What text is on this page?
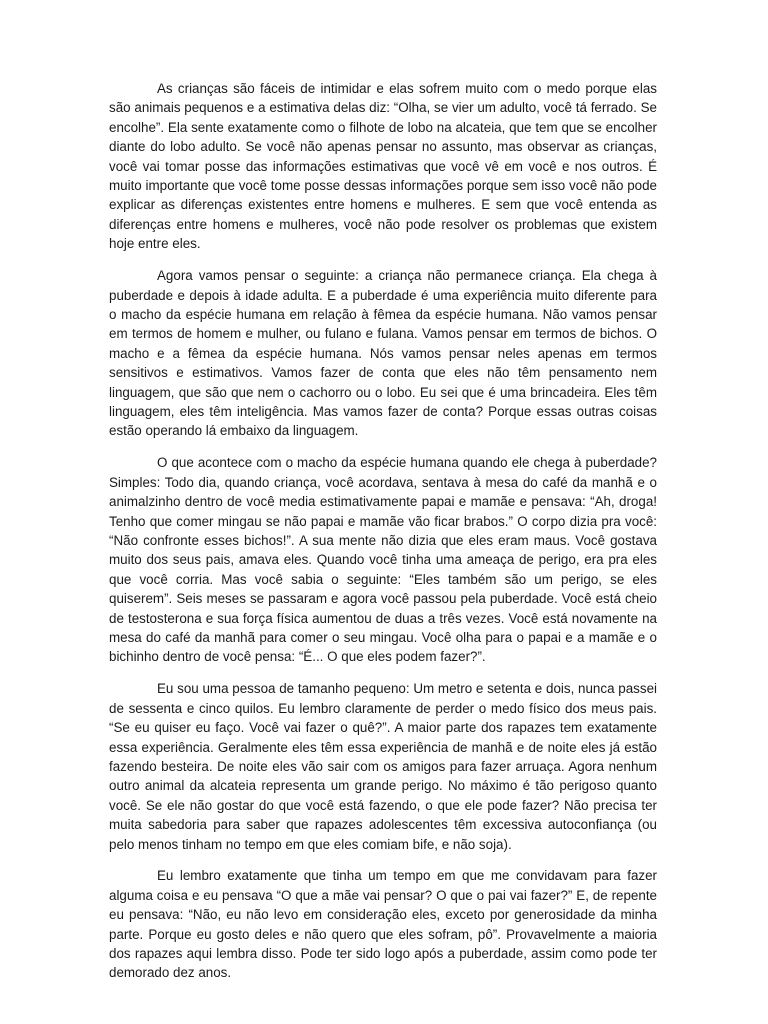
As crianças são fáceis de intimidar e elas sofrem muito com o medo porque elas são animais pequenos e a estimativa delas diz: “Olha, se vier um adulto, você tá ferrado. Se encolhe”. Ela sente exatamente como o filhote de lobo na alcateia, que tem que se encolher diante do lobo adulto. Se você não apenas pensar no assunto, mas observar as crianças, você vai tomar posse das informações estimativas que você vê em você e nos outros. É muito importante que você tome posse dessas informações porque sem isso você não pode explicar as diferenças existentes entre homens e mulheres. E sem que você entenda as diferenças entre homens e mulheres, você não pode resolver os problemas que existem hoje entre eles.

Agora vamos pensar o seguinte: a criança não permanece criança. Ela chega à puberdade e depois à idade adulta. E a puberdade é uma experiência muito diferente para o macho da espécie humana em relação à fêmea da espécie humana. Não vamos pensar em termos de homem e mulher, ou fulano e fulana. Vamos pensar em termos de bichos. O macho e a fêmea da espécie humana. Nós vamos pensar neles apenas em termos sensitivos e estimativos. Vamos fazer de conta que eles não têm pensamento nem linguagem, que são que nem o cachorro ou o lobo. Eu sei que é uma brincadeira. Eles têm linguagem, eles têm inteligência. Mas vamos fazer de conta? Porque essas outras coisas estão operando lá embaixo da linguagem.

O que acontece com o macho da espécie humana quando ele chega à puberdade? Simples: Todo dia, quando criança, você acordava, sentava à mesa do café da manhã e o animalzinho dentro de você media estimativamente papai e mamãe e pensava: “Ah, droga! Tenho que comer mingau se não papai e mamãe vão ficar brabos.” O corpo dizia pra você: “Não confronte esses bichos!”. A sua mente não dizia que eles eram maus. Você gostava muito dos seus pais, amava eles. Quando você tinha uma ameaça de perigo, era pra eles que você corria. Mas você sabia o seguinte: “Eles também são um perigo, se eles quiserem”. Seis meses se passaram e agora você passou pela puberdade. Você está cheio de testosterona e sua força física aumentou de duas a três vezes. Você está novamente na mesa do café da manhã para comer o seu mingau. Você olha para o papai e a mamãe e o bichinho dentro de você pensa: “É... O que eles podem fazer?”.

Eu sou uma pessoa de tamanho pequeno: Um metro e setenta e dois, nunca passei de sessenta e cinco quilos. Eu lembro claramente de perder o medo físico dos meus pais. “Se eu quiser eu faço. Você vai fazer o quê?”. A maior parte dos rapazes tem exatamente essa experiência. Geralmente eles têm essa experiência de manhã e de noite eles já estão fazendo besteira. De noite eles vão sair com os amigos para fazer arruaça. Agora nenhum outro animal da alcateia representa um grande perigo. No máximo é tão perigoso quanto você. Se ele não gostar do que você está fazendo, o que ele pode fazer? Não precisa ter muita sabedoria para saber que rapazes adolescentes têm excessiva autoconfiança (ou pelo menos tinham no tempo em que eles comiam bife, e não soja).

Eu lembro exatamente que tinha um tempo em que me convidavam para fazer alguma coisa e eu pensava “O que a mãe vai pensar? O que o pai vai fazer?” E, de repente eu pensava: “Não, eu não levo em consideração eles, exceto por generosidade da minha parte. Porque eu gosto deles e não quero que eles sofram, pô”. Provavelmente a maioria dos rapazes aqui lembra disso. Pode ter sido logo após a puberdade, assim como pode ter demorado dez anos.
